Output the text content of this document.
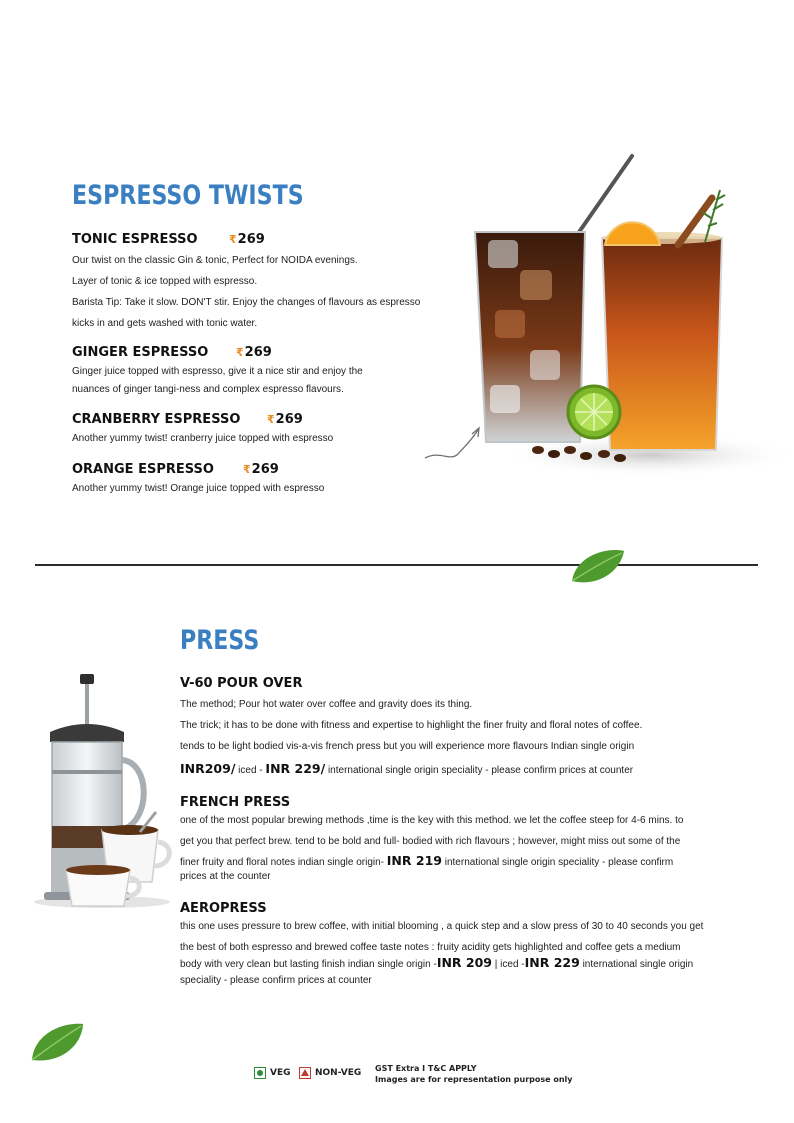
ESPRESSO TWISTS
TONIC ESPRESSO	₹269
Our twist on the classic Gin & tonic, Perfect for NOIDA evenings.
Layer of tonic & ice topped with espresso.
Barista Tip: Take it slow. DON'T stir. Enjoy the changes of flavours as espresso
kicks in and gets washed with tonic water.
GINGER ESPRESSO	₹269
Ginger juice topped with espresso, give it a nice stir and enjoy the
nuances of ginger tangi-ness and complex espresso flavours.
CRANBERRY ESPRESSO ₹269
Another yummy twist! cranberry juice topped with espresso
ORANGE ESPRESSO	₹269
Another yummy twist! Orange juice topped with espresso
PRESS
V-60 POUR OVER
The method; Pour hot water over coffee and gravity does its thing.
The trick; it has to be done with fitness and expertise to highlight the finer fruity and floral notes of coffee.
tends to be light bodied vis-a-vis french press but you will experience more flavours Indian single origin
INR209/ iced - INR 229/ international single origin speciality - please confirm prices at counter
FRENCH PRESS
one of the most popular brewing methods ,time is the key with this method. we let the coffee steep for 4-6 mins. to
get you that perfect brew. tend to be bold and full- bodied with rich flavours ; however, might miss out some of the
finer fruity and floral notes indian single origin- INR 219 international single origin speciality - please confirm
prices at the counter
AEROPRESS
this one uses pressure to brew coffee, with initial blooming , a quick step and a slow press of 30 to 40 seconds you get
the best of both espresso and brewed coffee taste notes : fruity acidity gets highlighted and coffee gets a medium
body with very clean but lasting finish indian single origin -INR 209 | iced -INR 229 international single origin
speciality - please confirm prices at counter
VEG	NON-VEG GST Extra I T&C APPLY
Images are for representation purpose only
